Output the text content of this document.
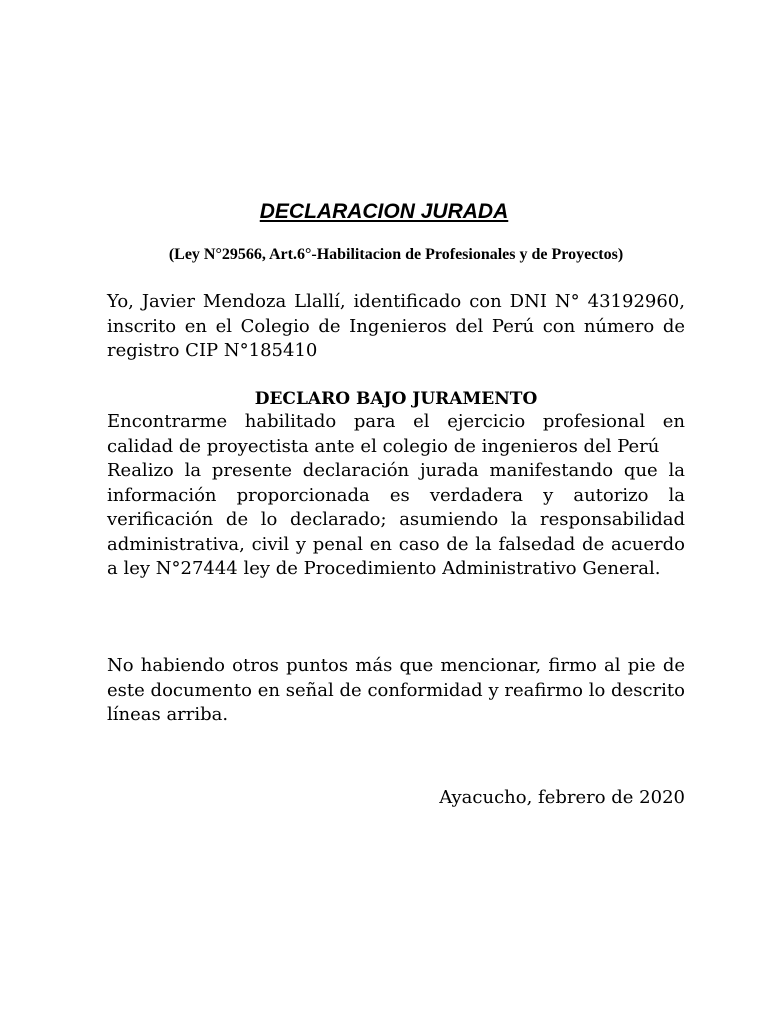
DECLARACION JURADA
(Ley N°29566, Art.6°-Habilitacion de Profesionales y de Proyectos)

Yo, Javier Mendoza Llallí, identificado con DNI N° 43192960, inscrito en el Colegio de Ingenieros del Perú con número de registro CIP N°185410

DECLARO BAJO JURAMENTO
Encontrarme habilitado para el ejercicio profesional en calidad de proyectista ante el colegio de ingenieros del Perú
Realizo la presente declaración jurada manifestando que la información proporcionada es verdadera y autorizo la verificación de lo declarado; asumiendo la responsabilidad administrativa, civil y penal en caso de la falsedad de acuerdo a ley N°27444 ley de Procedimiento Administrativo General.

No habiendo otros puntos más que mencionar, firmo al pie de este documento en señal de conformidad y reafirmo lo descrito líneas arriba.

Ayacucho, febrero de 2020
